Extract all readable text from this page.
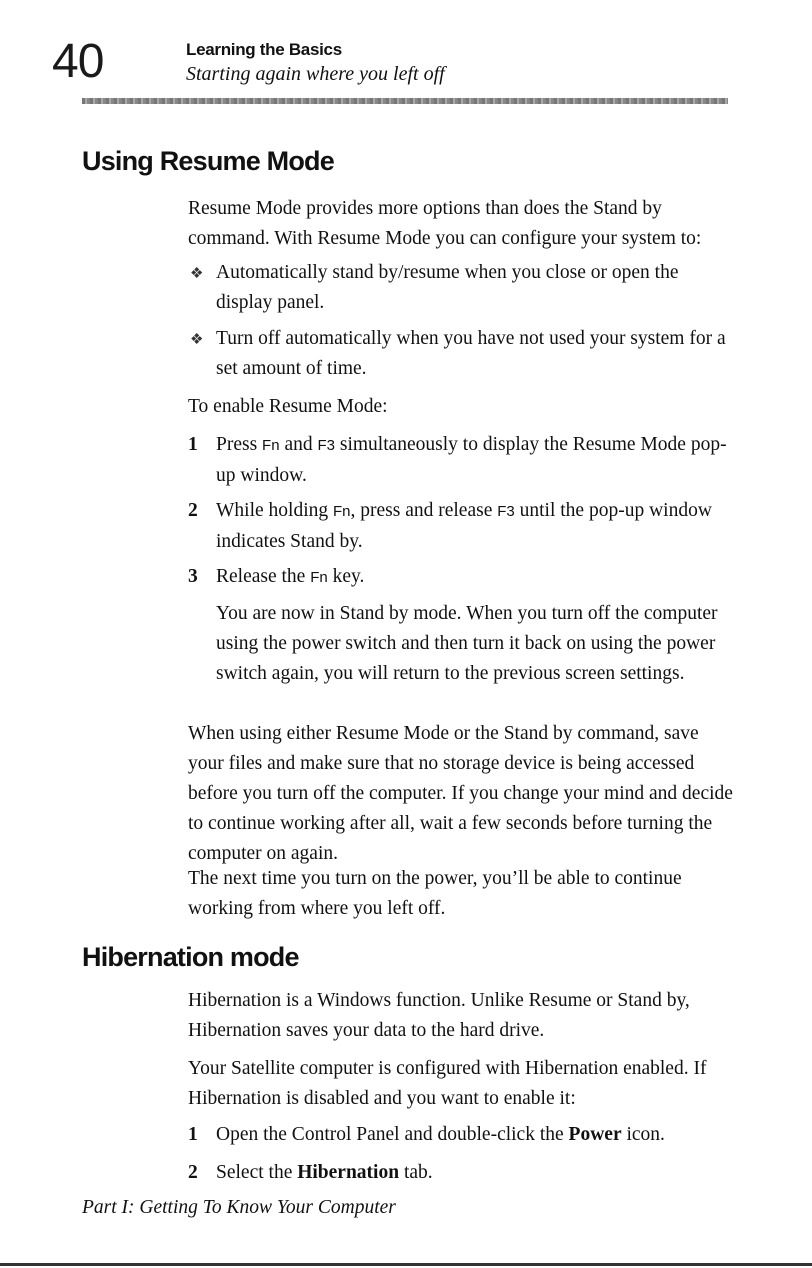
40	Learning the Basics
Starting again where you left off
Using Resume Mode
Resume Mode provides more options than does the Stand by command. With Resume Mode you can configure your system to:
❖ Automatically stand by/resume when you close or open the display panel.
❖ Turn off automatically when you have not used your system for a set amount of time.
To enable Resume Mode:
1 Press Fn and F3 simultaneously to display the Resume Mode pop-up window.
2 While holding Fn, press and release F3 until the pop-up window indicates Stand by.
3 Release the Fn key.
You are now in Stand by mode. When you turn off the computer using the power switch and then turn it back on using the power switch again, you will return to the previous screen settings.
When using either Resume Mode or the Stand by command, save your files and make sure that no storage device is being accessed before you turn off the computer. If you change your mind and decide to continue working after all, wait a few seconds before turning the computer on again.
The next time you turn on the power, you’ll be able to continue working from where you left off.
Hibernation mode
Hibernation is a Windows function. Unlike Resume or Stand by, Hibernation saves your data to the hard drive.
Your Satellite computer is configured with Hibernation enabled. If Hibernation is disabled and you want to enable it:
1 Open the Control Panel and double-click the Power icon.
2 Select the Hibernation tab.
Part I: Getting To Know Your Computer
